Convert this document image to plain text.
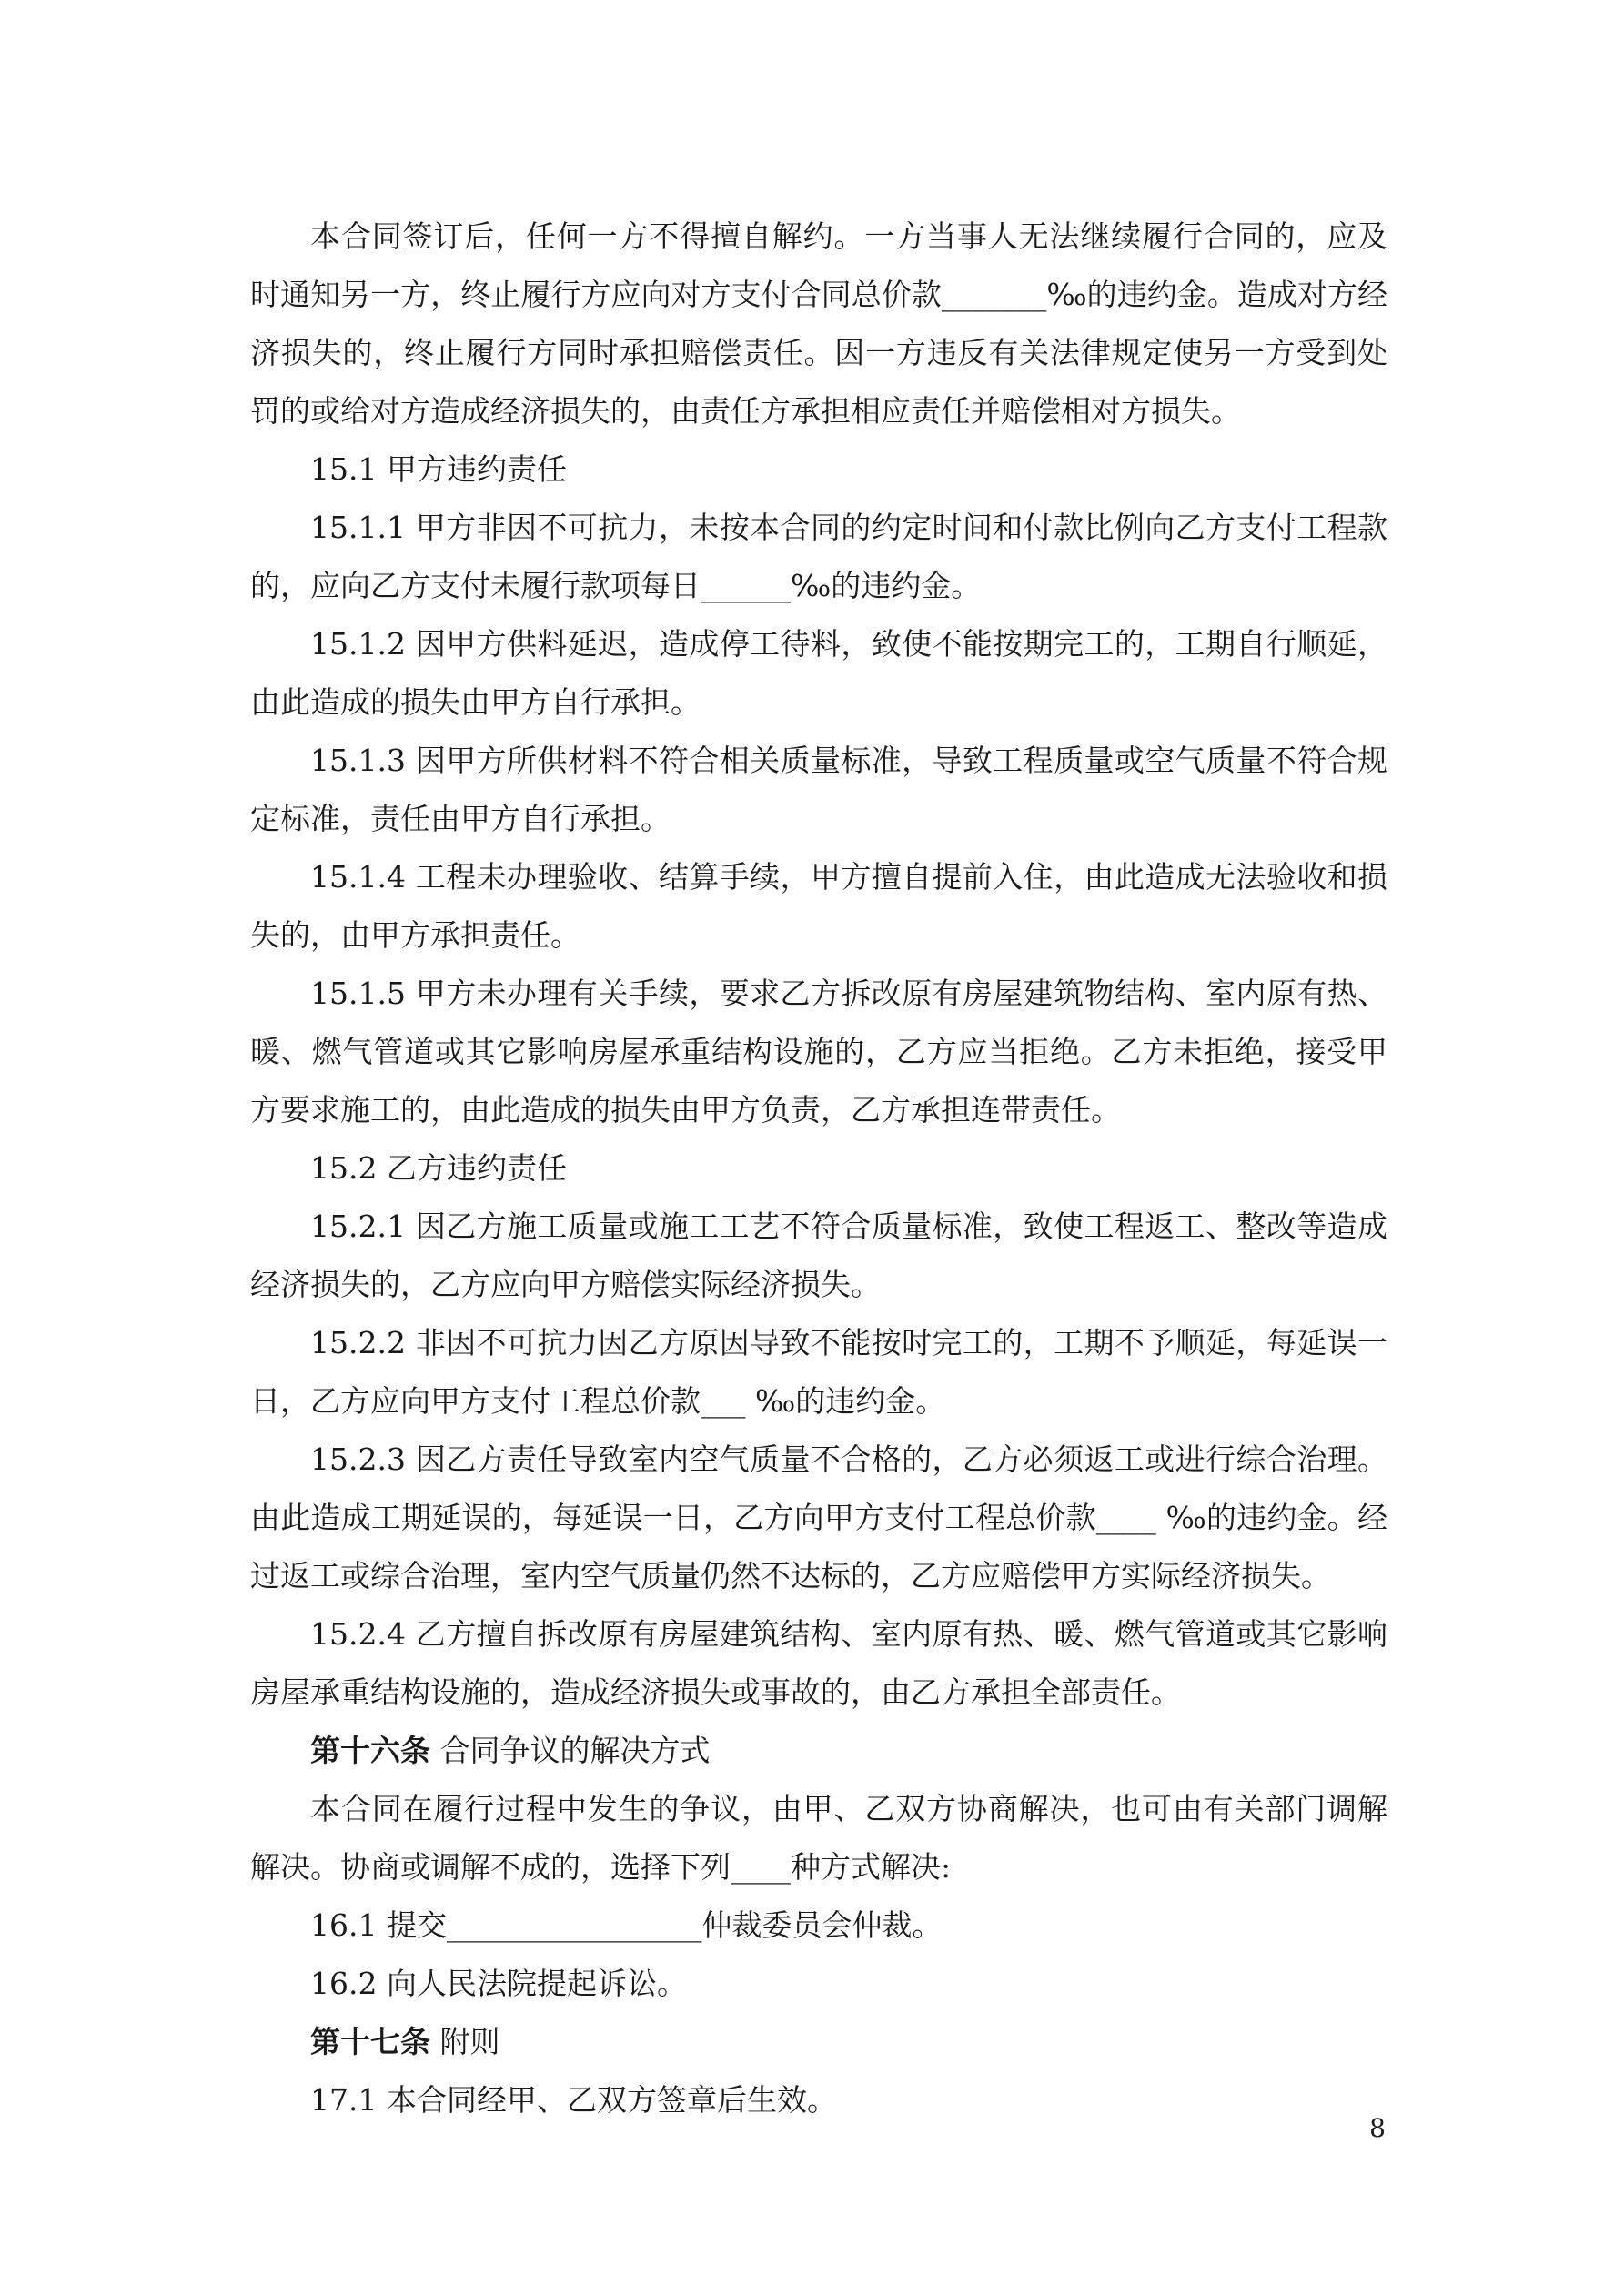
本合同签订后，任何一方不得擅自解约。一方当事人无法继续履行合同的，应及时通知另一方，终止履行方应向对方支付合同总价款_______‰的违约金。造成对方经济损失的，终止履行方同时承担赔偿责任。因一方违反有关法律规定使另一方受到处罚的或给对方造成经济损失的，由责任方承担相应责任并赔偿相对方损失。

15.1 甲方违约责任

15.1.1 甲方非因不可抗力，未按本合同的约定时间和付款比例向乙方支付工程款的，应向乙方支付未履行款项每日______‰的违约金。

15.1.2 因甲方供料延迟，造成停工待料，致使不能按期完工的，工期自行顺延，由此造成的损失由甲方自行承担。

15.1.3 因甲方所供材料不符合相关质量标准，导致工程质量或空气质量不符合规定标准，责任由甲方自行承担。

15.1.4 工程未办理验收、结算手续，甲方擅自提前入住，由此造成无法验收和损失的，由甲方承担责任。

15.1.5 甲方未办理有关手续，要求乙方拆改原有房屋建筑物结构、室内原有热、暖、燃气管道或其它影响房屋承重结构设施的，乙方应当拒绝。乙方未拒绝，接受甲方要求施工的，由此造成的损失由甲方负责，乙方承担连带责任。

15.2 乙方违约责任

15.2.1 因乙方施工质量或施工工艺不符合质量标准，致使工程返工、整改等造成经济损失的，乙方应向甲方赔偿实际经济损失。

15.2.2 非因不可抗力因乙方原因导致不能按时完工的，工期不予顺延，每延误一日，乙方应向甲方支付工程总价款___ ‰的违约金。

15.2.3 因乙方责任导致室内空气质量不合格的，乙方必须返工或进行综合治理。由此造成工期延误的，每延误一日，乙方向甲方支付工程总价款____ ‰的违约金。经过返工或综合治理，室内空气质量仍然不达标的，乙方应赔偿甲方实际经济损失。

15.2.4 乙方擅自拆改原有房屋建筑结构、室内原有热、暖、燃气管道或其它影响房屋承重结构设施的，造成经济损失或事故的，由乙方承担全部责任。

第十六条 合同争议的解决方式

本合同在履行过程中发生的争议，由甲、乙双方协商解决，也可由有关部门调解解决。协商或调解不成的，选择下列____种方式解决:

16.1 提交_________________仲裁委员会仲裁。

16.2 向人民法院提起诉讼。

第十七条 附则

17.1 本合同经甲、乙双方签章后生效。

8
